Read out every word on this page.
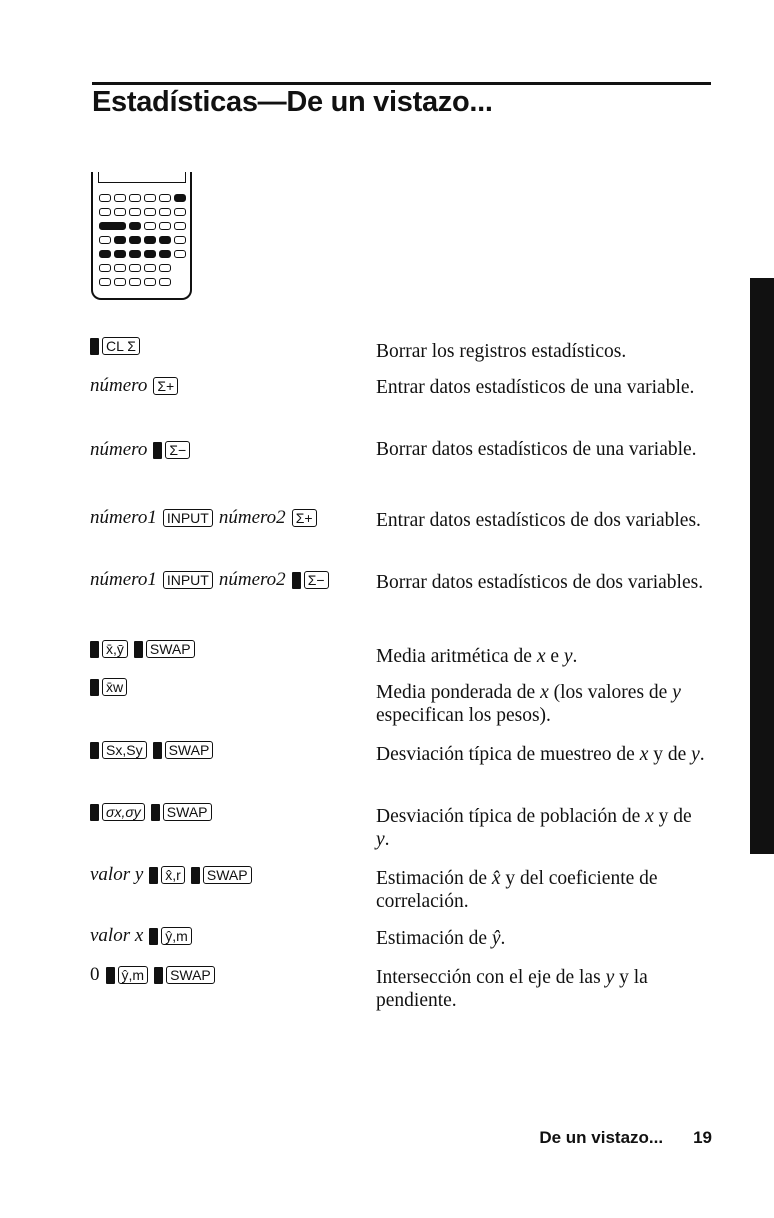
Estadísticas—De un vistazo...
CL Σ	Borrar los registros estadísticos.
número Σ+	Entrar datos estadísticos de una variable.
número Σ−	Borrar datos estadísticos de una variable.
número1 INPUT número2 Σ+	Entrar datos estadísticos de dos variables.
número1 INPUT número2 Σ−	Borrar datos estadísticos de dos variables.
x̄,ȳ SWAP	Media aritmética de x e y.
x̄w	Media ponderada de x (los valores de y especifican los pesos).
Sx,Sy SWAP	Desviación típica de muestreo de x y de y.
σx,σy SWAP	Desviación típica de población de x y de y.
valor y x̂,r SWAP	Estimación de x̂ y del coeficiente de correlación.
valor x ŷ,m	Estimación de ŷ.
0 ŷ,m SWAP	Intersección con el eje de las y y la pendiente.
De un vistazo... 19
